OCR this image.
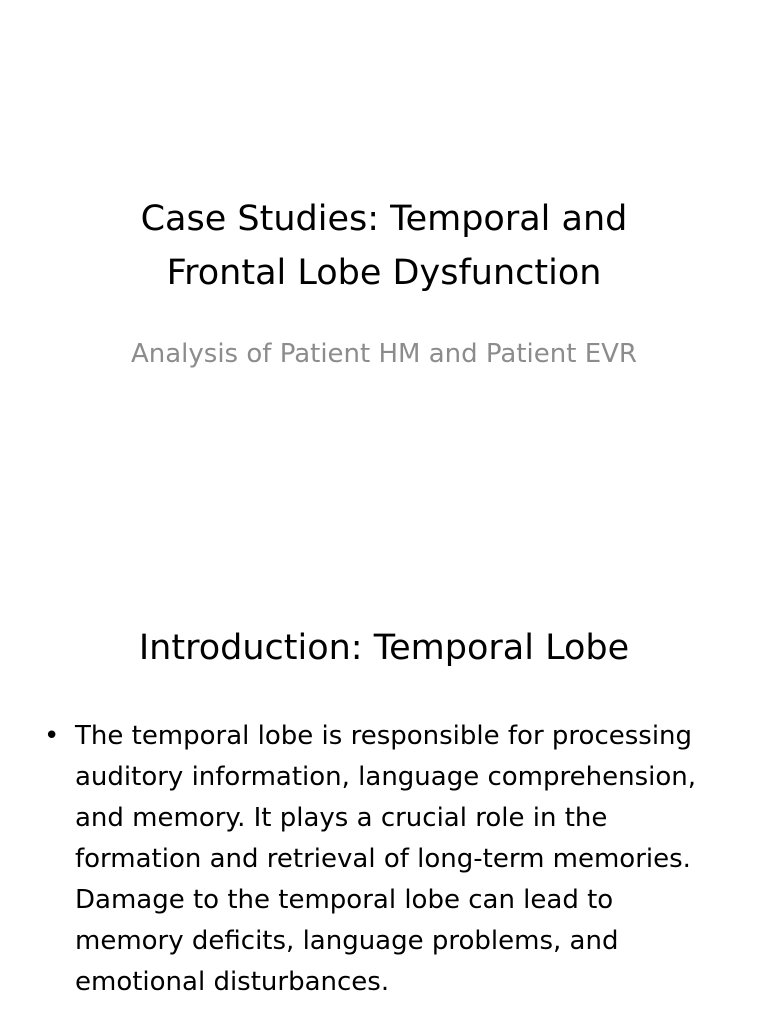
Case Studies: Temporal and Frontal Lobe Dysfunction

Analysis of Patient HM and Patient EVR

Introduction: Temporal Lobe
• The temporal lobe is responsible for processing auditory information, language comprehension, and memory. It plays a crucial role in the formation and retrieval of long-term memories. Damage to the temporal lobe can lead to memory deficits, language problems, and emotional disturbances.
